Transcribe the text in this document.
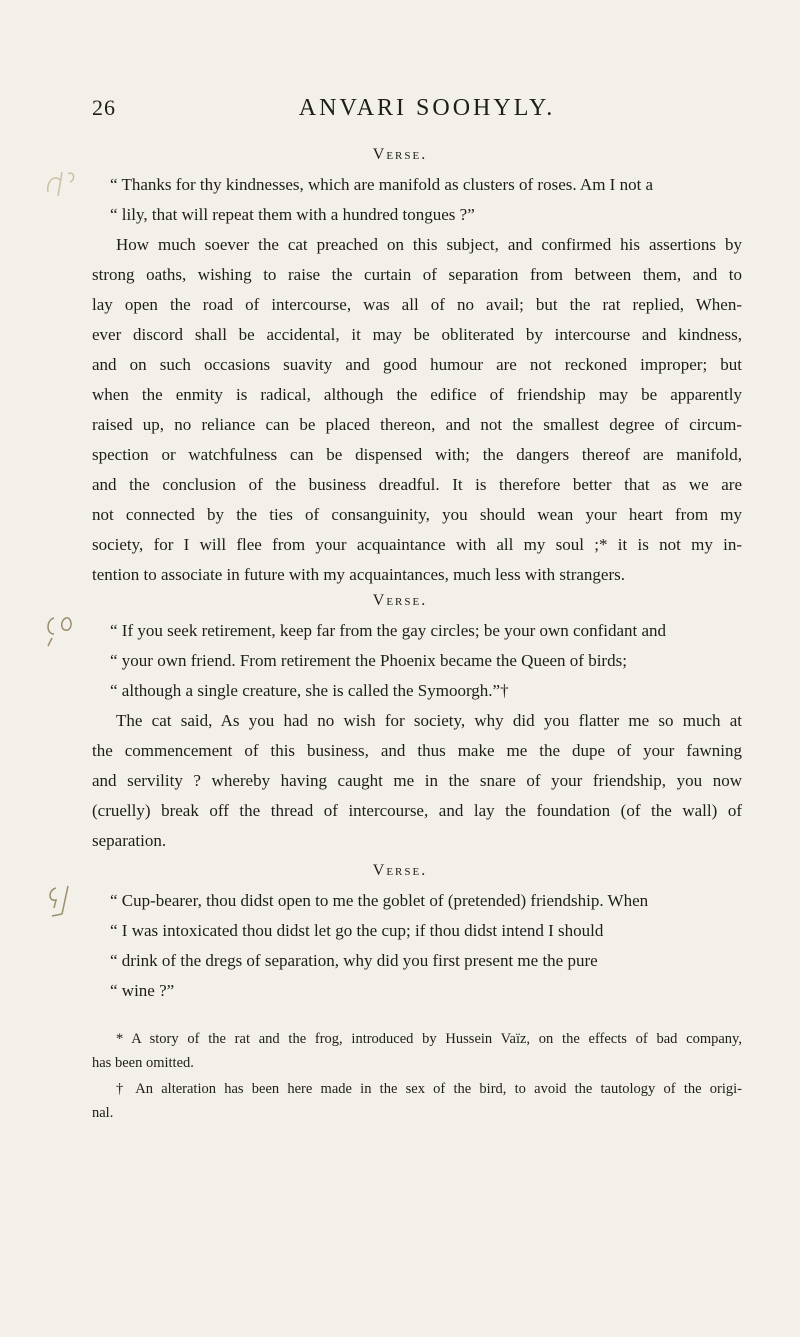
26	ANVARI SOOHYLY.
Verse.
“ Thanks for thy kindnesses, which are manifold as clusters of roses. Am I not a
“ lily, that will repeat them with a hundred tongues ?”
How much soever the cat preached on this subject, and confirmed his assertions by
strong oaths, wishing to raise the curtain of separation from between them, and to
lay open the road of intercourse, was all of no avail; but the rat replied, When-
ever discord shall be accidental, it may be obliterated by intercourse and kindness,
and on such occasions suavity and good humour are not reckoned improper; but
when the enmity is radical, although the edifice of friendship may be apparently
raised up, no reliance can be placed thereon, and not the smallest degree of circum-
spection or watchfulness can be dispensed with; the dangers thereof are manifold,
and the conclusion of the business dreadful. It is therefore better that as we are
not connected by the ties of consanguinity, you should wean your heart from my
society, for I will flee from your acquaintance with all my soul ;* it is not my in-
tention to associate in future with my acquaintances, much less with strangers.
Verse.
“ If you seek retirement, keep far from the gay circles; be your own confidant and
“ your own friend. From retirement the Phoenix became the Queen of birds;
“ although a single creature, she is called the Symoorgh.”†
The cat said, As you had no wish for society, why did you flatter me so much at
the commencement of this business, and thus make me the dupe of your fawning
and servility ? whereby having caught me in the snare of your friendship, you now
(cruelly) break off the thread of intercourse, and lay the foundation (of the wall) of
separation.
Verse.
“ Cup-bearer, thou didst open to me the goblet of (pretended) friendship. When
“ I was intoxicated thou didst let go the cup; if thou didst intend I should
“ drink of the dregs of separation, why did you first present me the pure
“ wine ?”
* A story of the rat and the frog, introduced by Hussein Vaïz, on the effects of bad company,
has been omitted.
† An alteration has been here made in the sex of the bird, to avoid the tautology of the origi-
nal.
